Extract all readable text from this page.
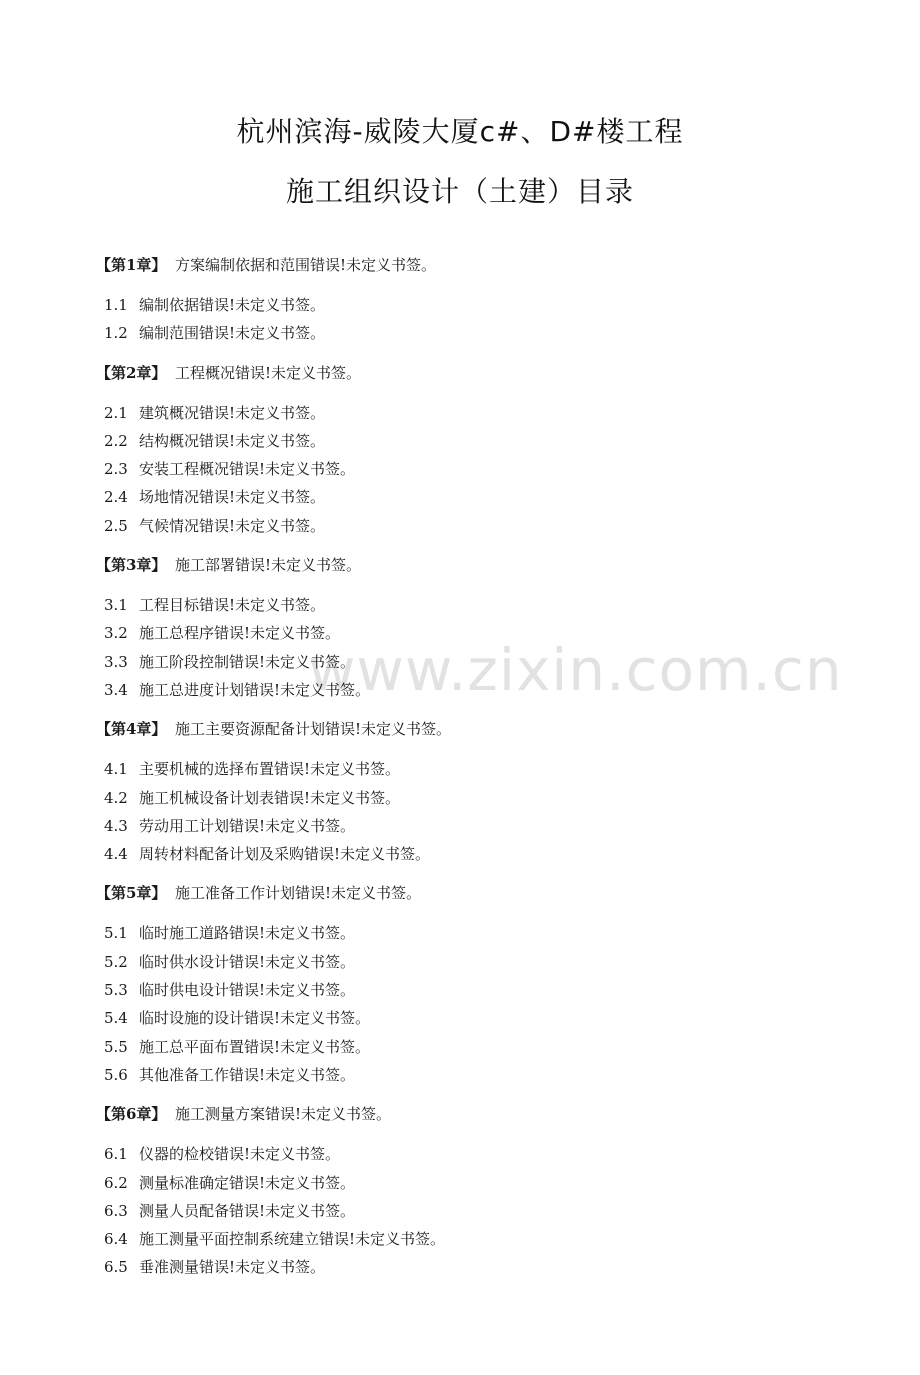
杭州滨海-威陵大厦c#、D#楼工程
施工组织设计（土建）目录
www.zixin.com.cn
【第1章】 方案编制依据和范围错误!未定义书签。
1.1 编制依据错误!未定义书签。
1.2 编制范围错误!未定义书签。
【第2章】 工程概况错误!未定义书签。
2.1 建筑概况错误!未定义书签。
2.2 结构概况错误!未定义书签。
2.3 安装工程概况错误!未定义书签。
2.4 场地情况错误!未定义书签。
2.5 气候情况错误!未定义书签。
【第3章】 施工部署错误!未定义书签。
3.1 工程目标错误!未定义书签。
3.2 施工总程序错误!未定义书签。
3.3 施工阶段控制错误!未定义书签。
3.4 施工总进度计划错误!未定义书签。
【第4章】 施工主要资源配备计划错误!未定义书签。
4.1 主要机械的选择布置错误!未定义书签。
4.2 施工机械设备计划表错误!未定义书签。
4.3 劳动用工计划错误!未定义书签。
4.4 周转材料配备计划及采购错误!未定义书签。
【第5章】 施工准备工作计划错误!未定义书签。
5.1 临时施工道路错误!未定义书签。
5.2 临时供水设计错误!未定义书签。
5.3 临时供电设计错误!未定义书签。
5.4 临时设施的设计错误!未定义书签。
5.5 施工总平面布置错误!未定义书签。
5.6 其他准备工作错误!未定义书签。
【第6章】 施工测量方案错误!未定义书签。
6.1 仪器的检校错误!未定义书签。
6.2 测量标准确定错误!未定义书签。
6.3 测量人员配备错误!未定义书签。
6.4 施工测量平面控制系统建立错误!未定义书签。
6.5 垂准测量错误!未定义书签。
